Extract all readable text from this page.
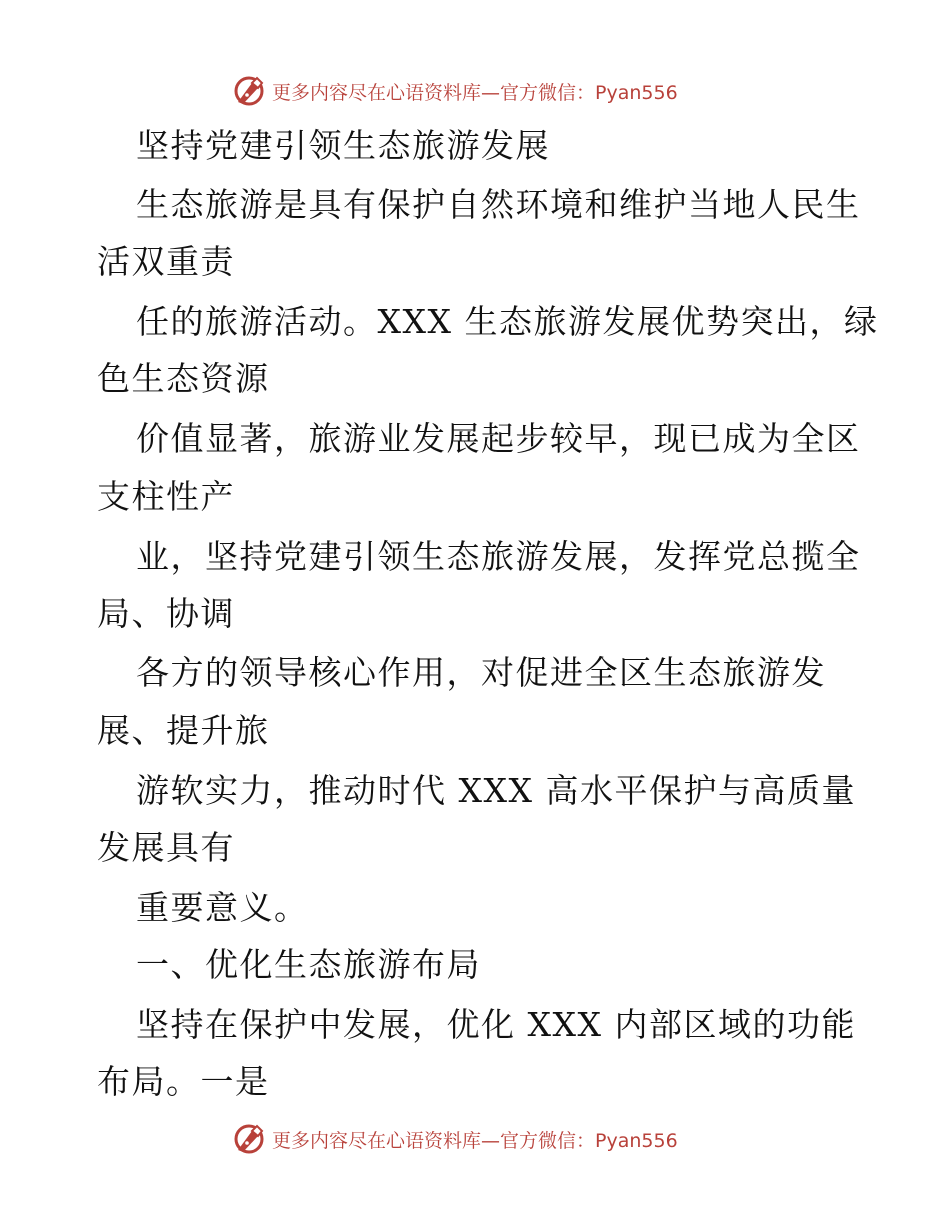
更多内容尽在心语资料库—官方微信：Pyan556
坚持党建引领生态旅游发展
生态旅游是具有保护自然环境和维护当地人民生
活双重责
任的旅游活动。XXX 生态旅游发展优势突出，绿
色生态资源
价值显著，旅游业发展起步较早，现已成为全区
支柱性产
业，坚持党建引领生态旅游发展，发挥党总揽全
局、协调
各方的领导核心作用，对促进全区生态旅游发
展、提升旅
游软实力，推动时代 XXX 高水平保护与高质量
发展具有
重要意义。
一、优化生态旅游布局
坚持在保护中发展，优化 XXX 内部区域的功能
布局。一是
更多内容尽在心语资料库—官方微信：Pyan556
